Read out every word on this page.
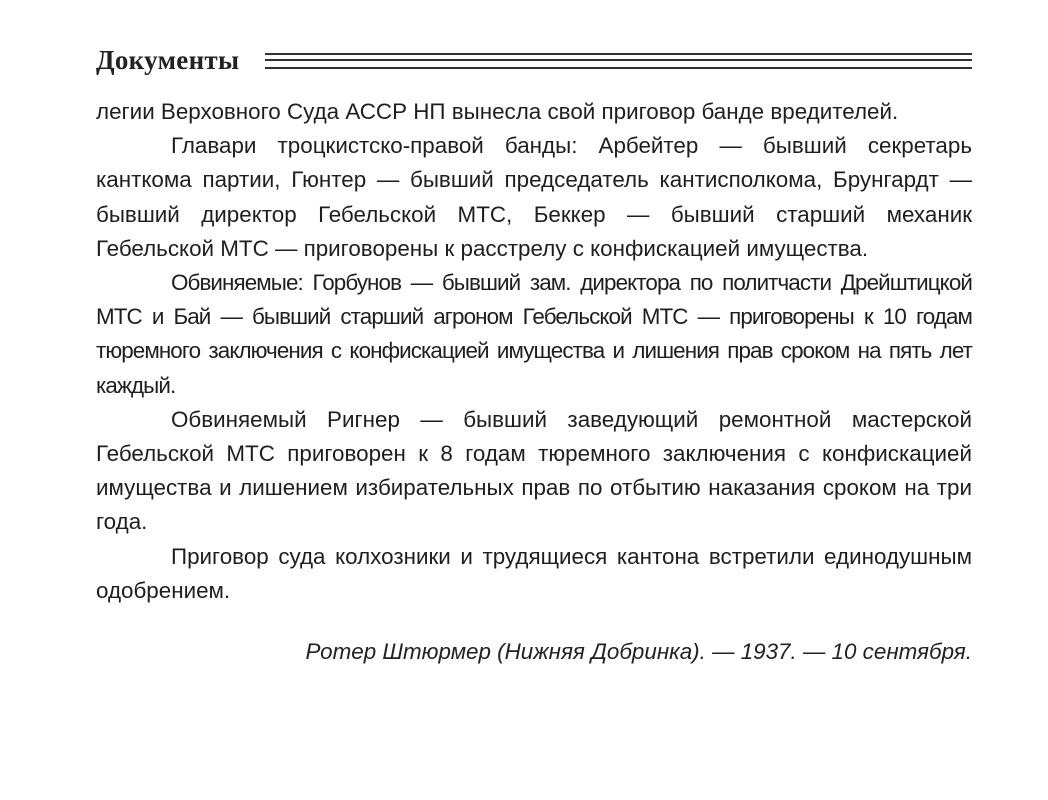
Документы

легии Верховного Суда АССР НП вынесла свой приговор банде вредителей.

Главари троцкистско-правой банды: Арбейтер — бывший секретарь канткома партии, Гюнтер — бывший председатель кантисполкома, Брунгардт — бывший директор Гебельской МТС, Беккер — бывший старший механик Гебельской МТС — приговорены к расстрелу с конфискацией имущества.

Обвиняемые: Горбунов — бывший зам. директора по политчасти Дрейштицкой МТС и Бай — бывший старший агроном Гебельской МТС — приговорены к 10 годам тюремного заключения с конфискацией имущества и лишения прав сроком на пять лет каждый.

Обвиняемый Ригнер — бывший заведующий ремонтной мастерской Гебельской МТС приговорен к 8 годам тюремного заключения с конфискацией имущества и лишением избирательных прав по отбытию наказания сроком на три года.

Приговор суда колхозники и трудящиеся кантона встретили единодушным одобрением.

Ротер Штюрмер (Нижняя Добринка). — 1937. — 10 сентября.
